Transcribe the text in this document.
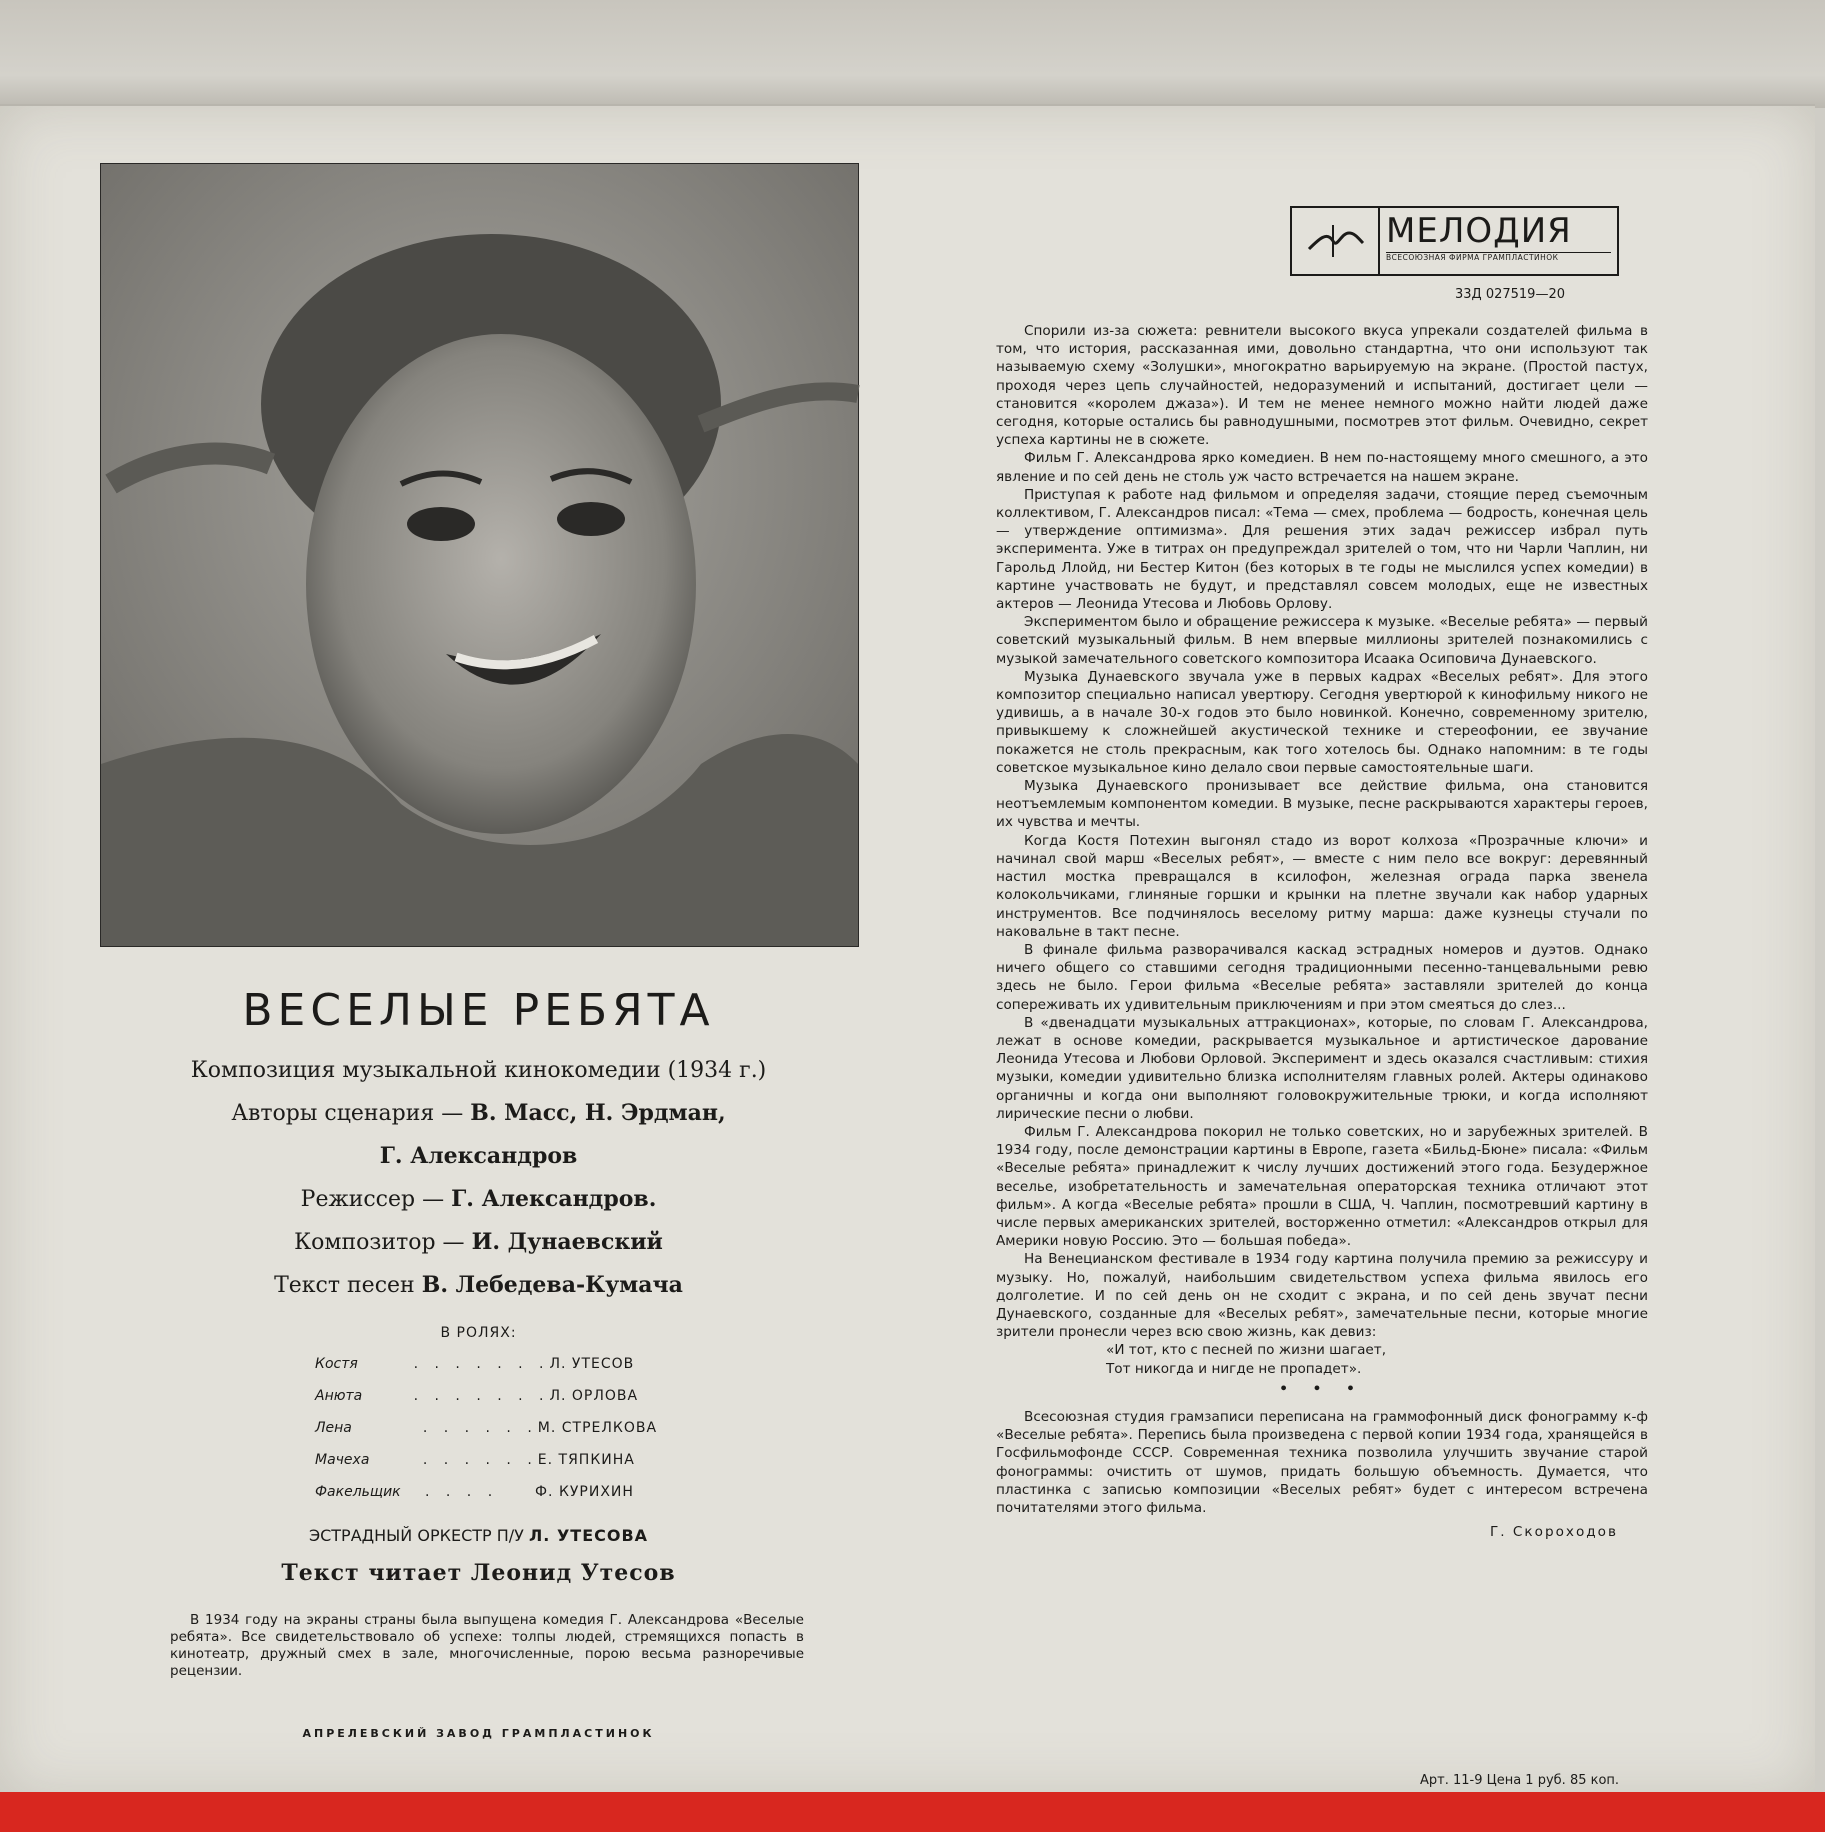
ВЕСЕЛЫЕ РЕБЯТА

Композиция музыкальной кинокомедии (1934 г.)

Авторы сценария — В. Масс, Н. Эрдман,

Г. Александров

Режиссер — Г. Александров.

Композитор — И. Дунаевский

Текст песен В. Лебедева-Кумача

В РОЛЯХ:
Костя	. . . . . . . Л. УТЕСОВ
Анюта	. . . . . . . Л. ОРЛОВА
Лена	. . . . . . М. СТРЕЛКОВА
Мачеха	. . . . . . Е. ТЯПКИНА
Факельщик	. . . .	Ф. КУРИХИН
ЭСТРАДНЫЙ ОРКЕСТР П/У Л. УТЕСОВА
Текст читает Леонид Утесов
В 1934 году на экраны страны была выпущена комедия Г. Александрова «Веселые ребята». Все свидетельствовало об успехе: толпы людей, стремящихся попасть в кинотеатр, дружный смех в зале, многочисленные, порою весьма разноречивые рецензии.
АПРЕЛЕВСКИЙ ЗАВОД ГРАМПЛАСТИНОК
МЕЛОДИЯ
ВСЕСОЮЗНАЯ ФИРМА ГРАМПЛАСТИНОК
33Д 027519—20

Спорили из-за сюжета: ревнители высокого вкуса упрекали создателей фильма в том, что история, рассказанная ими, довольно стандартна, что они используют так называемую схему «Золушки», многократно варьируемую на экране. (Простой пастух, проходя через цепь случайностей, недоразумений и испытаний, достигает цели — становится «королем джаза»). И тем не менее немного можно найти людей даже сегодня, которые остались бы равнодушными, посмотрев этот фильм. Очевидно, секрет успеха картины не в сюжете.

Фильм Г. Александрова ярко комедиен. В нем по-настоящему много смешного, а это явление и по сей день не столь уж часто встречается на нашем экране.

Приступая к работе над фильмом и определяя задачи, стоящие перед съемочным коллективом, Г. Александров писал: «Тема — смех, проблема — бодрость, конечная цель — утверждение оптимизма». Для решения этих задач режиссер избрал путь эксперимента. Уже в титрах он предупреждал зрителей о том, что ни Чарли Чаплин, ни Гарольд Ллойд, ни Бестер Китон (без которых в те годы не мыслился успех комедии) в картине участвовать не будут, и представлял совсем молодых, еще не известных актеров — Леонида Утесова и Любовь Орлову.

Экспериментом было и обращение режиссера к музыке. «Веселые ребята» — первый советский музыкальный фильм. В нем впервые миллионы зрителей познакомились с музыкой замечательного советского композитора Исаака Осиповича Дунаевского.

Музыка Дунаевского звучала уже в первых кадрах «Веселых ребят». Для этого композитор специально написал увертюру. Сегодня увертюрой к кинофильму никого не удивишь, а в начале 30-х годов это было новинкой. Конечно, современному зрителю, привыкшему к сложнейшей акустической технике и стереофонии, ее звучание покажется не столь прекрасным, как того хотелось бы. Однако напомним: в те годы советское музыкальное кино делало свои первые самостоятельные шаги.

Музыка Дунаевского пронизывает все действие фильма, она становится неотъемлемым компонентом комедии. В музыке, песне раскрываются характеры героев, их чувства и мечты.

Когда Костя Потехин выгонял стадо из ворот колхоза «Прозрачные ключи» и начинал свой марш «Веселых ребят», — вместе с ним пело все вокруг: деревянный настил мостка превращался в ксилофон, железная ограда парка звенела колокольчиками, глиняные горшки и крынки на плетне звучали как набор ударных инструментов. Все подчинялось веселому ритму марша: даже кузнецы стучали по наковальне в такт песне.

В финале фильма разворачивался каскад эстрадных номеров и дуэтов. Однако ничего общего со ставшими сегодня традиционными песенно-танцевальными ревю здесь не было. Герои фильма «Веселые ребята» заставляли зрителей до конца сопереживать их удивительным приключениям и при этом смеяться до слез...

В «двенадцати музыкальных аттракционах», которые, по словам Г. Александрова, лежат в основе комедии, раскрывается музыкальное и артистическое дарование Леонида Утесова и Любови Орловой. Эксперимент и здесь оказался счастливым: стихия музыки, комедии удивительно близка исполнителям главных ролей. Актеры одинаково органичны и когда они выполняют головокружительные трюки, и когда исполняют лирические песни о любви.

Фильм Г. Александрова покорил не только советских, но и зарубежных зрителей. В 1934 году, после демонстрации картины в Европе, газета «Бильд-Бюне» писала: «Фильм «Веселые ребята» принадлежит к числу лучших достижений этого года. Безудержное веселье, изобретательность и замечательная операторская техника отличают этот фильм». А когда «Веселые ребята» прошли в США, Ч. Чаплин, посмотревший картину в числе первых американских зрителей, восторженно отметил: «Александров открыл для Америки новую Россию. Это — большая победа».

На Венецианском фестивале в 1934 году картина получила премию за режиссуру и музыку. Но, пожалуй, наибольшим свидетельством успеха фильма явилось его долголетие. И по сей день он не сходит с экрана, и по сей день звучат песни Дунаевского, созданные для «Веселых ребят», замечательные песни, которые многие зрители пронесли через всю свою жизнь, как девиз:

«И тот, кто с песней по жизни шагает,

Тот никогда и нигде не пропадет».

• • •

Всесоюзная студия грамзаписи переписана на граммофонный диск фонограмму к-ф «Веселые ребята». Перепись была произведена с первой копии 1934 года, хранящейся в Госфильмофонде СССР. Современная техника позволила улучшить звучание старой фонограммы: очистить от шумов, придать большую объемность. Думается, что пластинка с записью композиции «Веселых ребят» будет с интересом встречена почитателями этого фильма.

Г. Скороходов

Арт. 11-9 Цена 1 руб. 85 коп.
